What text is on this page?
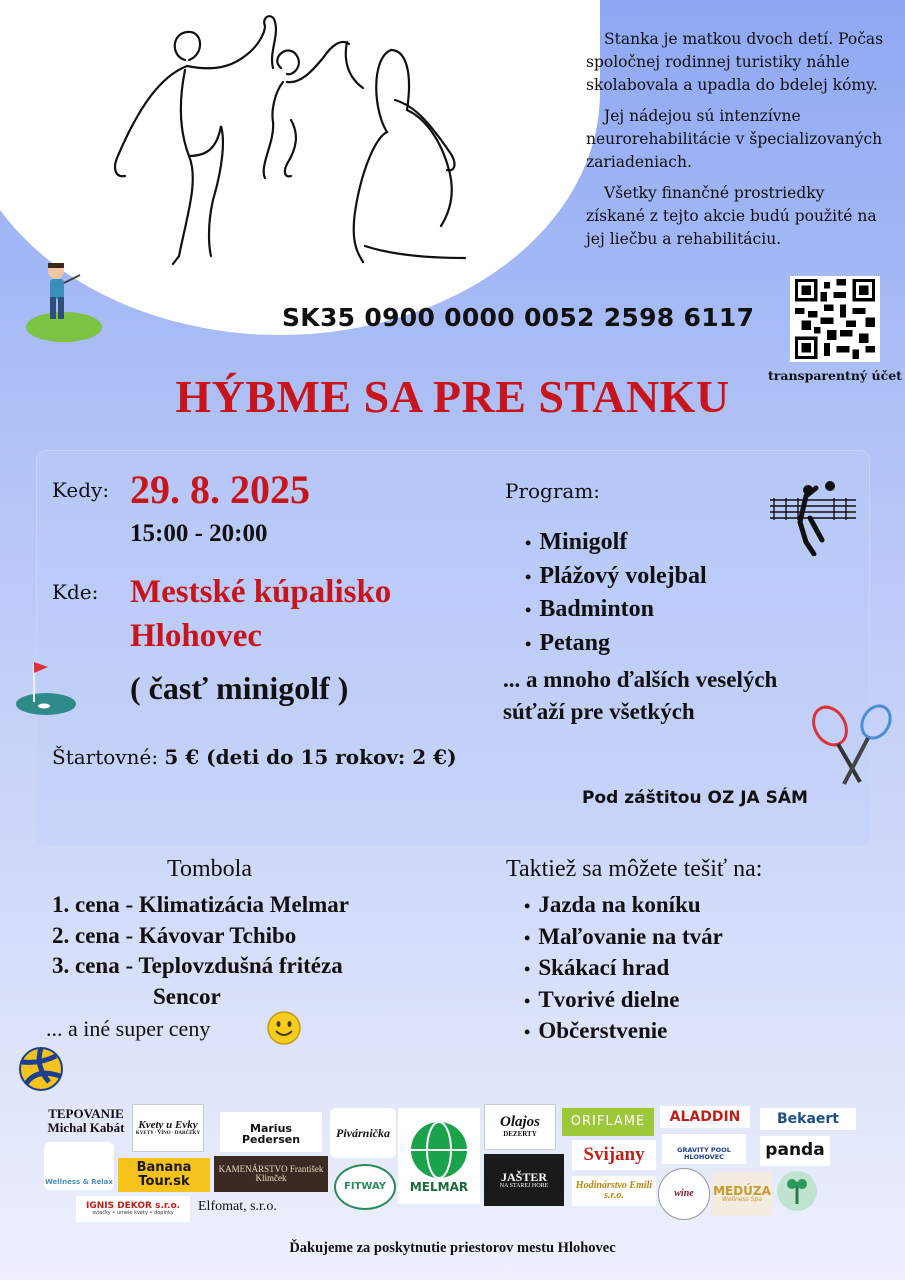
Stanka je matkou dvoch detí. Počas spoločnej rodinnej turistiky náhle skolabovala a upadla do bdelej kómy.

Jej nádejou sú intenzívne neurorehabilitácie v špecializovaných zariadeniach.

Všetky finančné prostriedky získané z tejto akcie budú použité na jej liečbu a rehabilitáciu.

SK35 0900 0000 0052 2598 6117
transparentný účet
HÝBME SA PRE STANKU
Kedy: 29. 8. 2025
15:00 - 20:00
Kde: Mestské kúpalisko
Hlohovec
( časť minigolf )
Štartovné: 5 € (deti do 15 rokov: 2 €)
Program:
• Minigolf
• Plážový volejbal
• Badminton
• Petang
... a mnoho ďalších veselých
súťaží pre všetkých
Pod záštitou OZ JA SÁM
Tombola
1. cena - Klimatizácia Melmar
2. cena - Kávovar Tchibo
3. cena - Teplovzdušná fritéza
Sencor
... a iné super ceny
Taktiež sa môžete tešiť na:
• Jazda na koníku
• Maľovanie na tvár
• Skákací hrad
• Tvorivé dielne
• Občerstvenie
TEPOVANIE Michal Kabát	Kvety u Evky
KVETY · VÍNO · DARČEKY	Marius Pedersen
Pivárnička
MELMAR
Olajos
DEZERTY
ORIFLAME	ALADDIN	Bekaert
Wellness & Relax
Banana Tour.sk
KAMENÁRSTVO František Klimček
FITWAY
JAŠTER
NA STAREJ HORE
Svijany	GRAVITY POOL HLOHOVEC	panda
IGNIS DEKOR s.r.o.
sviečky • umelé kvety • doplnky Elfomat, s.r.o.
Hodinárstvo Emili s.r.o.	wine	MEDÚZA
Wellness Spa
Ďakujeme za poskytnutie priestorov mestu Hlohovec
